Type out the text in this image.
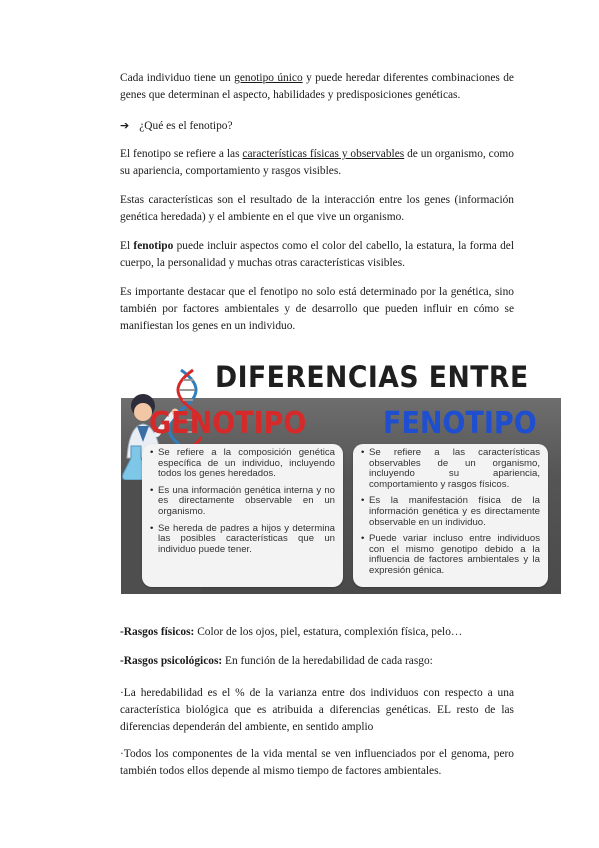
Cada individuo tiene un genotipo único y puede heredar diferentes combinaciones de genes que determinan el aspecto, habilidades y predisposiciones genéticas.

➔ ¿Qué es el fenotipo?

El fenotipo se refiere a las características físicas y observables de un organismo, como su apariencia, comportamiento y rasgos visibles.

Estas características son el resultado de la interacción entre los genes (información genética heredada) y el ambiente en el que vive un organismo.

El fenotipo puede incluir aspectos como el color del cabello, la estatura, la forma del cuerpo, la personalidad y muchas otras características visibles.

Es importante destacar que el fenotipo no solo está determinado por la genética, sino también por factores ambientales y de desarrollo que pueden influir en cómo se manifiestan los genes en un individuo.

DIFERENCIAS ENTRE
GENOTIPO	FENOTIPO
• Se refiere a la composición genética específica de un individuo, incluyendo todos los genes heredados.
• Es una información genética interna y no es directamente observable en un organismo.
• Se hereda de padres a hijos y determina las posibles características que un individuo puede tener.
• Se refiere a las características observables de un organismo, incluyendo su apariencia, comportamiento y rasgos físicos.
• Es la manifestación física de la información genética y es directamente observable en un individuo.
• Puede variar incluso entre individuos con el mismo genotipo debido a la influencia de factores ambientales y la expresión génica.

-Rasgos físicos: Color de los ojos, piel, estatura, complexión física, pelo…

-Rasgos psicológicos: En función de la heredabilidad de cada rasgo:

·La heredabilidad es el % de la varianza entre dos individuos con respecto a una característica biológica que es atribuida a diferencias genéticas. EL resto de las diferencias dependerán del ambiente, en sentido amplio

·Todos los componentes de la vida mental se ven influenciados por el genoma, pero también todos ellos depende al mismo tiempo de factores ambientales.
